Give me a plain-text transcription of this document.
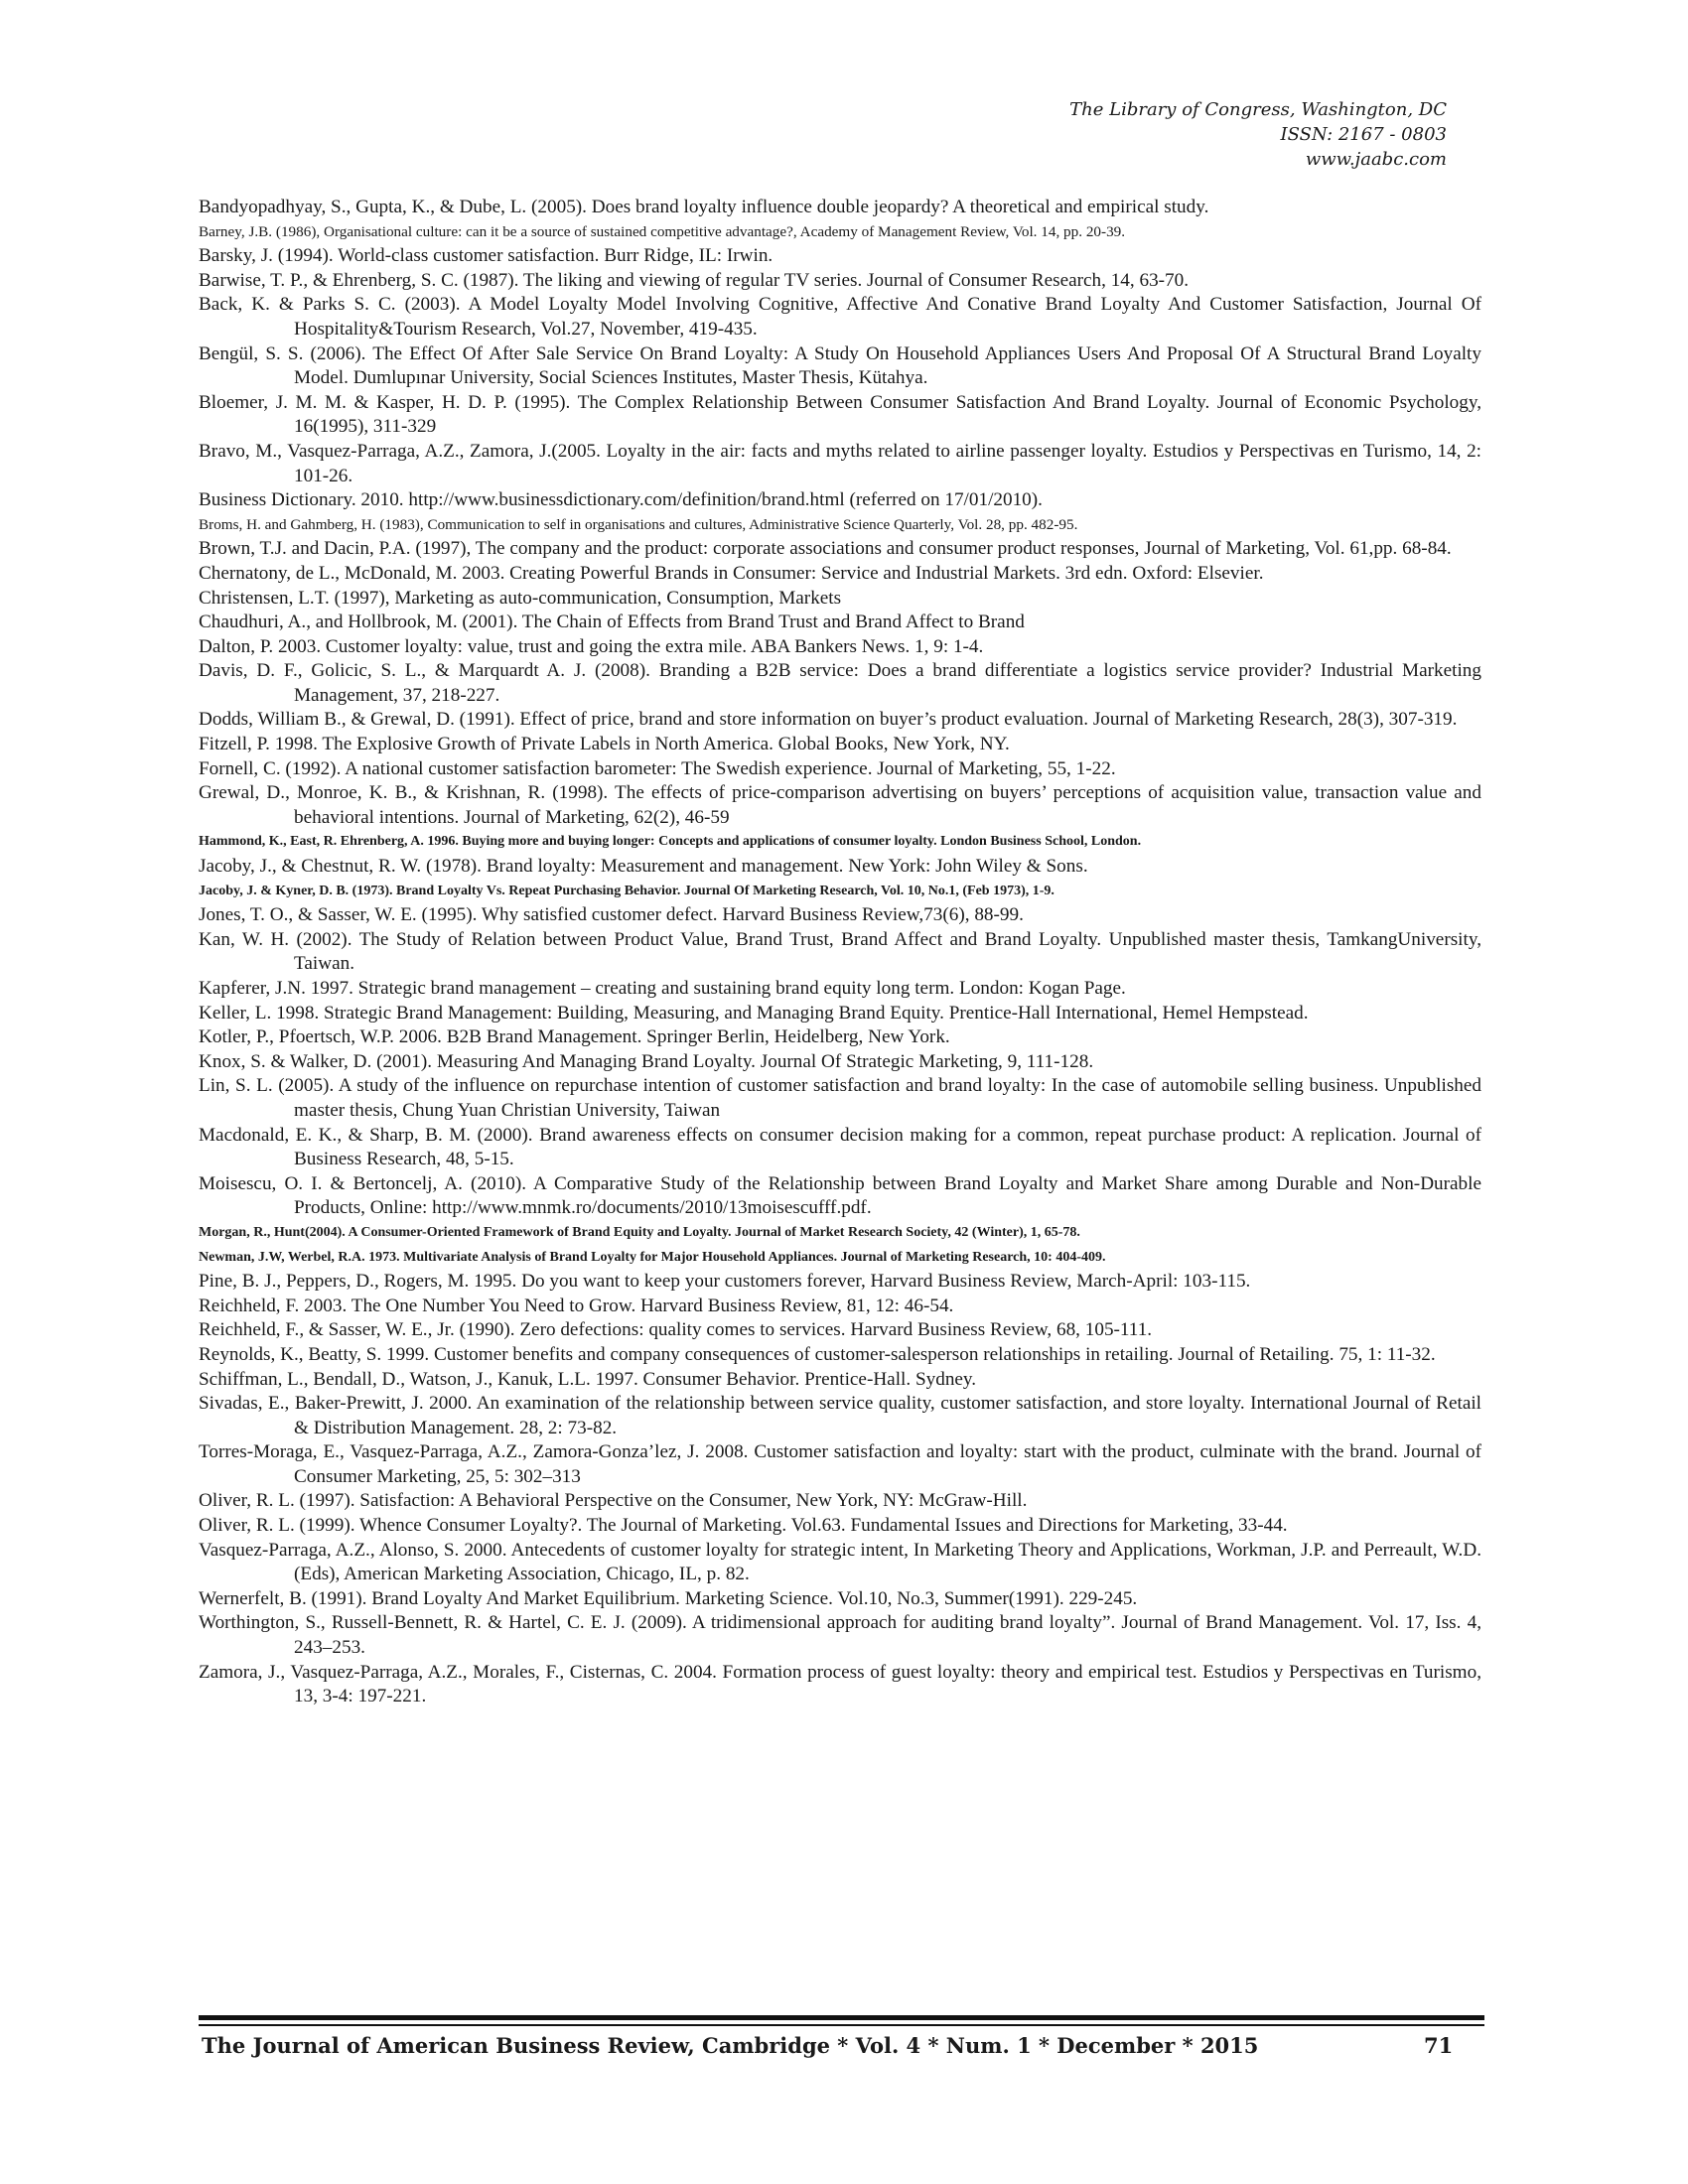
The Library of Congress, Washington, DC
ISSN: 2167 - 0803
www.jaabc.com
Bandyopadhyay, S., Gupta, K., & Dube, L. (2005). Does brand loyalty influence double jeopardy? A theoretical and empirical study.
Barney, J.B. (1986), Organisational culture: can it be a source of sustained competitive advantage?, Academy of Management Review, Vol. 14, pp. 20-39.
Barsky, J. (1994). World-class customer satisfaction. Burr Ridge, IL: Irwin.
Barwise, T. P., & Ehrenberg, S. C. (1987). The liking and viewing of regular TV series. Journal of Consumer Research, 14, 63-70.
Back, K. & Parks S. C. (2003). A Model Loyalty Model Involving Cognitive, Affective And Conative Brand Loyalty And Customer Satisfaction, Journal Of Hospitality&Tourism Research, Vol.27, November, 419-435.
Bengül, S. S. (2006). The Effect Of After Sale Service On Brand Loyalty: A Study On Household Appliances Users And Proposal Of A Structural Brand Loyalty Model. Dumlupınar University, Social Sciences Institutes, Master Thesis, Kütahya.
Bloemer, J. M. M. & Kasper, H. D. P. (1995). The Complex Relationship Between Consumer Satisfaction And Brand Loyalty. Journal of Economic Psychology, 16(1995), 311-329
Bravo, M., Vasquez-Parraga, A.Z., Zamora, J.(2005. Loyalty in the air: facts and myths related to airline passenger loyalty. Estudios y Perspectivas en Turismo, 14, 2: 101-26.
Business Dictionary. 2010. http://www.businessdictionary.com/definition/brand.html (referred on 17/01/2010).
Broms, H. and Gahmberg, H. (1983), Communication to self in organisations and cultures, Administrative Science Quarterly, Vol. 28, pp. 482-95.
Brown, T.J. and Dacin, P.A. (1997), The company and the product: corporate associations and consumer product responses, Journal of Marketing, Vol. 61,pp. 68-84.
Chernatony, de L., McDonald, M. 2003. Creating Powerful Brands in Consumer: Service and Industrial Markets. 3rd edn. Oxford: Elsevier.
Christensen, L.T. (1997), Marketing as auto-communication, Consumption, Markets
Chaudhuri, A., and Hollbrook, M. (2001). The Chain of Effects from Brand Trust and Brand Affect to Brand
Dalton, P. 2003. Customer loyalty: value, trust and going the extra mile. ABA Bankers News. 1, 9: 1-4.
Davis, D. F., Golicic, S. L., & Marquardt A. J. (2008). Branding a B2B service: Does a brand differentiate a logistics service provider? Industrial Marketing Management, 37, 218-227.
Dodds, William B., & Grewal, D. (1991). Effect of price, brand and store information on buyer’s product evaluation. Journal of Marketing Research, 28(3), 307-319.
Fitzell, P. 1998. The Explosive Growth of Private Labels in North America. Global Books, New York, NY.
Fornell, C. (1992). A national customer satisfaction barometer: The Swedish experience. Journal of Marketing, 55, 1-22.
Grewal, D., Monroe, K. B., & Krishnan, R. (1998). The effects of price-comparison advertising on buyers’ perceptions of acquisition value, transaction value and behavioral intentions. Journal of Marketing, 62(2), 46-59
Hammond, K., East, R. Ehrenberg, A. 1996. Buying more and buying longer: Concepts and applications of consumer loyalty. London Business School, London.
Jacoby, J., & Chestnut, R. W. (1978). Brand loyalty: Measurement and management. New York: John Wiley & Sons.
Jacoby, J. & Kyner, D. B. (1973). Brand Loyalty Vs. Repeat Purchasing Behavior. Journal Of Marketing Research, Vol. 10, No.1, (Feb 1973), 1-9.
Jones, T. O., & Sasser, W. E. (1995). Why satisfied customer defect. Harvard Business Review,73(6), 88-99.
Kan, W. H. (2002). The Study of Relation between Product Value, Brand Trust, Brand Affect and Brand Loyalty. Unpublished master thesis, TamkangUniversity, Taiwan.
Kapferer, J.N. 1997. Strategic brand management – creating and sustaining brand equity long term. London: Kogan Page.
Keller, L. 1998. Strategic Brand Management: Building, Measuring, and Managing Brand Equity. Prentice-Hall International, Hemel Hempstead.
Kotler, P., Pfoertsch, W.P. 2006. B2B Brand Management. Springer Berlin, Heidelberg, New York.
Knox, S. & Walker, D. (2001). Measuring And Managing Brand Loyalty. Journal Of Strategic Marketing, 9, 111-128.
Lin, S. L. (2005). A study of the influence on repurchase intention of customer satisfaction and brand loyalty: In the case of automobile selling business. Unpublished master thesis, Chung Yuan Christian University, Taiwan
Macdonald, E. K., & Sharp, B. M. (2000). Brand awareness effects on consumer decision making for a common, repeat purchase product: A replication. Journal of Business Research, 48, 5-15.
Moisescu, O. I. & Bertoncelj, A. (2010). A Comparative Study of the Relationship between Brand Loyalty and Market Share among Durable and Non-Durable Products, Online: http://www.mnmk.ro/documents/2010/13moisescufff.pdf.
Morgan, R., Hunt(2004). A Consumer-Oriented Framework of Brand Equity and Loyalty. Journal of Market Research Society, 42 (Winter), 1, 65-78.
Newman, J.W, Werbel, R.A. 1973. Multivariate Analysis of Brand Loyalty for Major Household Appliances. Journal of Marketing Research, 10: 404-409.
Pine, B. J., Peppers, D., Rogers, M. 1995. Do you want to keep your customers forever, Harvard Business Review, March-April: 103-115.
Reichheld, F. 2003. The One Number You Need to Grow. Harvard Business Review, 81, 12: 46-54.
Reichheld, F., & Sasser, W. E., Jr. (1990). Zero defections: quality comes to services. Harvard Business Review, 68, 105-111.
Reynolds, K., Beatty, S. 1999. Customer benefits and company consequences of customer-salesperson relationships in retailing. Journal of Retailing. 75, 1: 11-32.
Schiffman, L., Bendall, D., Watson, J., Kanuk, L.L. 1997. Consumer Behavior. Prentice-Hall. Sydney.
Sivadas, E., Baker-Prewitt, J. 2000. An examination of the relationship between service quality, customer satisfaction, and store loyalty. International Journal of Retail & Distribution Management. 28, 2: 73-82.
Torres-Moraga, E., Vasquez-Parraga, A.Z., Zamora-Gonza’lez, J. 2008. Customer satisfaction and loyalty: start with the product, culminate with the brand. Journal of Consumer Marketing, 25, 5: 302–313
Oliver, R. L. (1997). Satisfaction: A Behavioral Perspective on the Consumer, New York, NY: McGraw-Hill.
Oliver, R. L. (1999). Whence Consumer Loyalty?. The Journal of Marketing. Vol.63. Fundamental Issues and Directions for Marketing, 33-44.
Vasquez-Parraga, A.Z., Alonso, S. 2000. Antecedents of customer loyalty for strategic intent, In Marketing Theory and Applications, Workman, J.P. and Perreault, W.D. (Eds), American Marketing Association, Chicago, IL, p. 82.
Wernerfelt, B. (1991). Brand Loyalty And Market Equilibrium. Marketing Science. Vol.10, No.3, Summer(1991). 229-245.
Worthington, S., Russell-Bennett, R. & Hartel, C. E. J. (2009). A tridimensional approach for auditing brand loyalty”. Journal of Brand Management. Vol. 17, Iss. 4, 243–253.
Zamora, J., Vasquez-Parraga, A.Z., Morales, F., Cisternas, C. 2004. Formation process of guest loyalty: theory and empirical test. Estudios y Perspectivas en Turismo, 13, 3-4: 197-221.
The Journal of American Business Review, Cambridge * Vol. 4 * Num. 1 * December * 2015	71
